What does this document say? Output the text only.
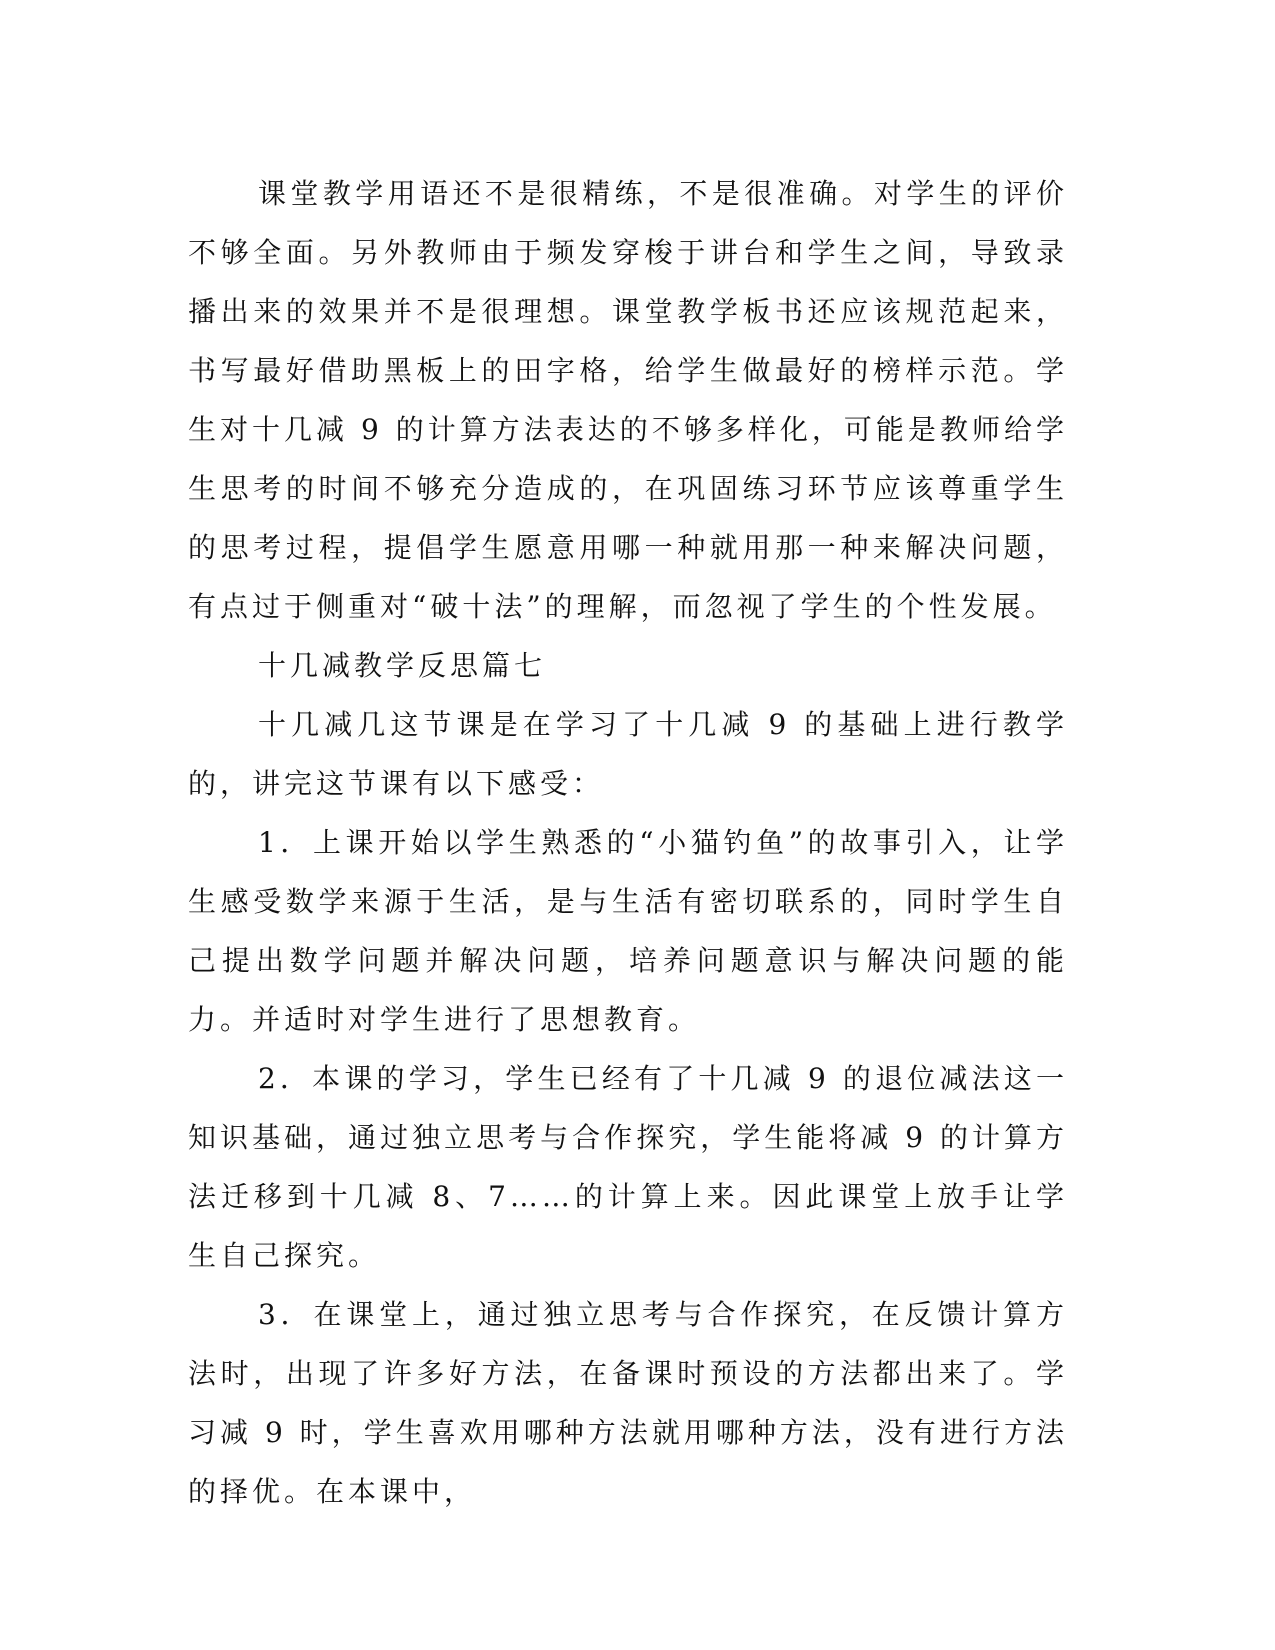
课堂教学用语还不是很精练，不是很准确。对学生的评价不够全面。另外教师由于频发穿梭于讲台和学生之间，导致录播出来的效果并不是很理想。课堂教学板书还应该规范起来，书写最好借助黑板上的田字格，给学生做最好的榜样示范。学生对十几减 9 的计算方法表达的不够多样化，可能是教师给学生思考的时间不够充分造成的，在巩固练习环节应该尊重学生的思考过程，提倡学生愿意用哪一种就用那一种来解决问题，有点过于侧重对“破十法”的理解，而忽视了学生的个性发展。

十几减教学反思篇七

十几减几这节课是在学习了十几减 9 的基础上进行教学的，讲完这节课有以下感受：

1．上课开始以学生熟悉的“小猫钓鱼”的故事引入，让学生感受数学来源于生活，是与生活有密切联系的，同时学生自己提出数学问题并解决问题，培养问题意识与解决问题的能力。并适时对学生进行了思想教育。

2．本课的学习，学生已经有了十几减 9 的退位减法这一知识基础，通过独立思考与合作探究，学生能将减 9 的计算方法迁移到十几减 8、7……的计算上来。因此课堂上放手让学生自己探究。

3．在课堂上，通过独立思考与合作探究，在反馈计算方法时，出现了许多好方法，在备课时预设的方法都出来了。学习减 9 时，学生喜欢用哪种方法就用哪种方法，没有进行方法的择优。在本课中，
